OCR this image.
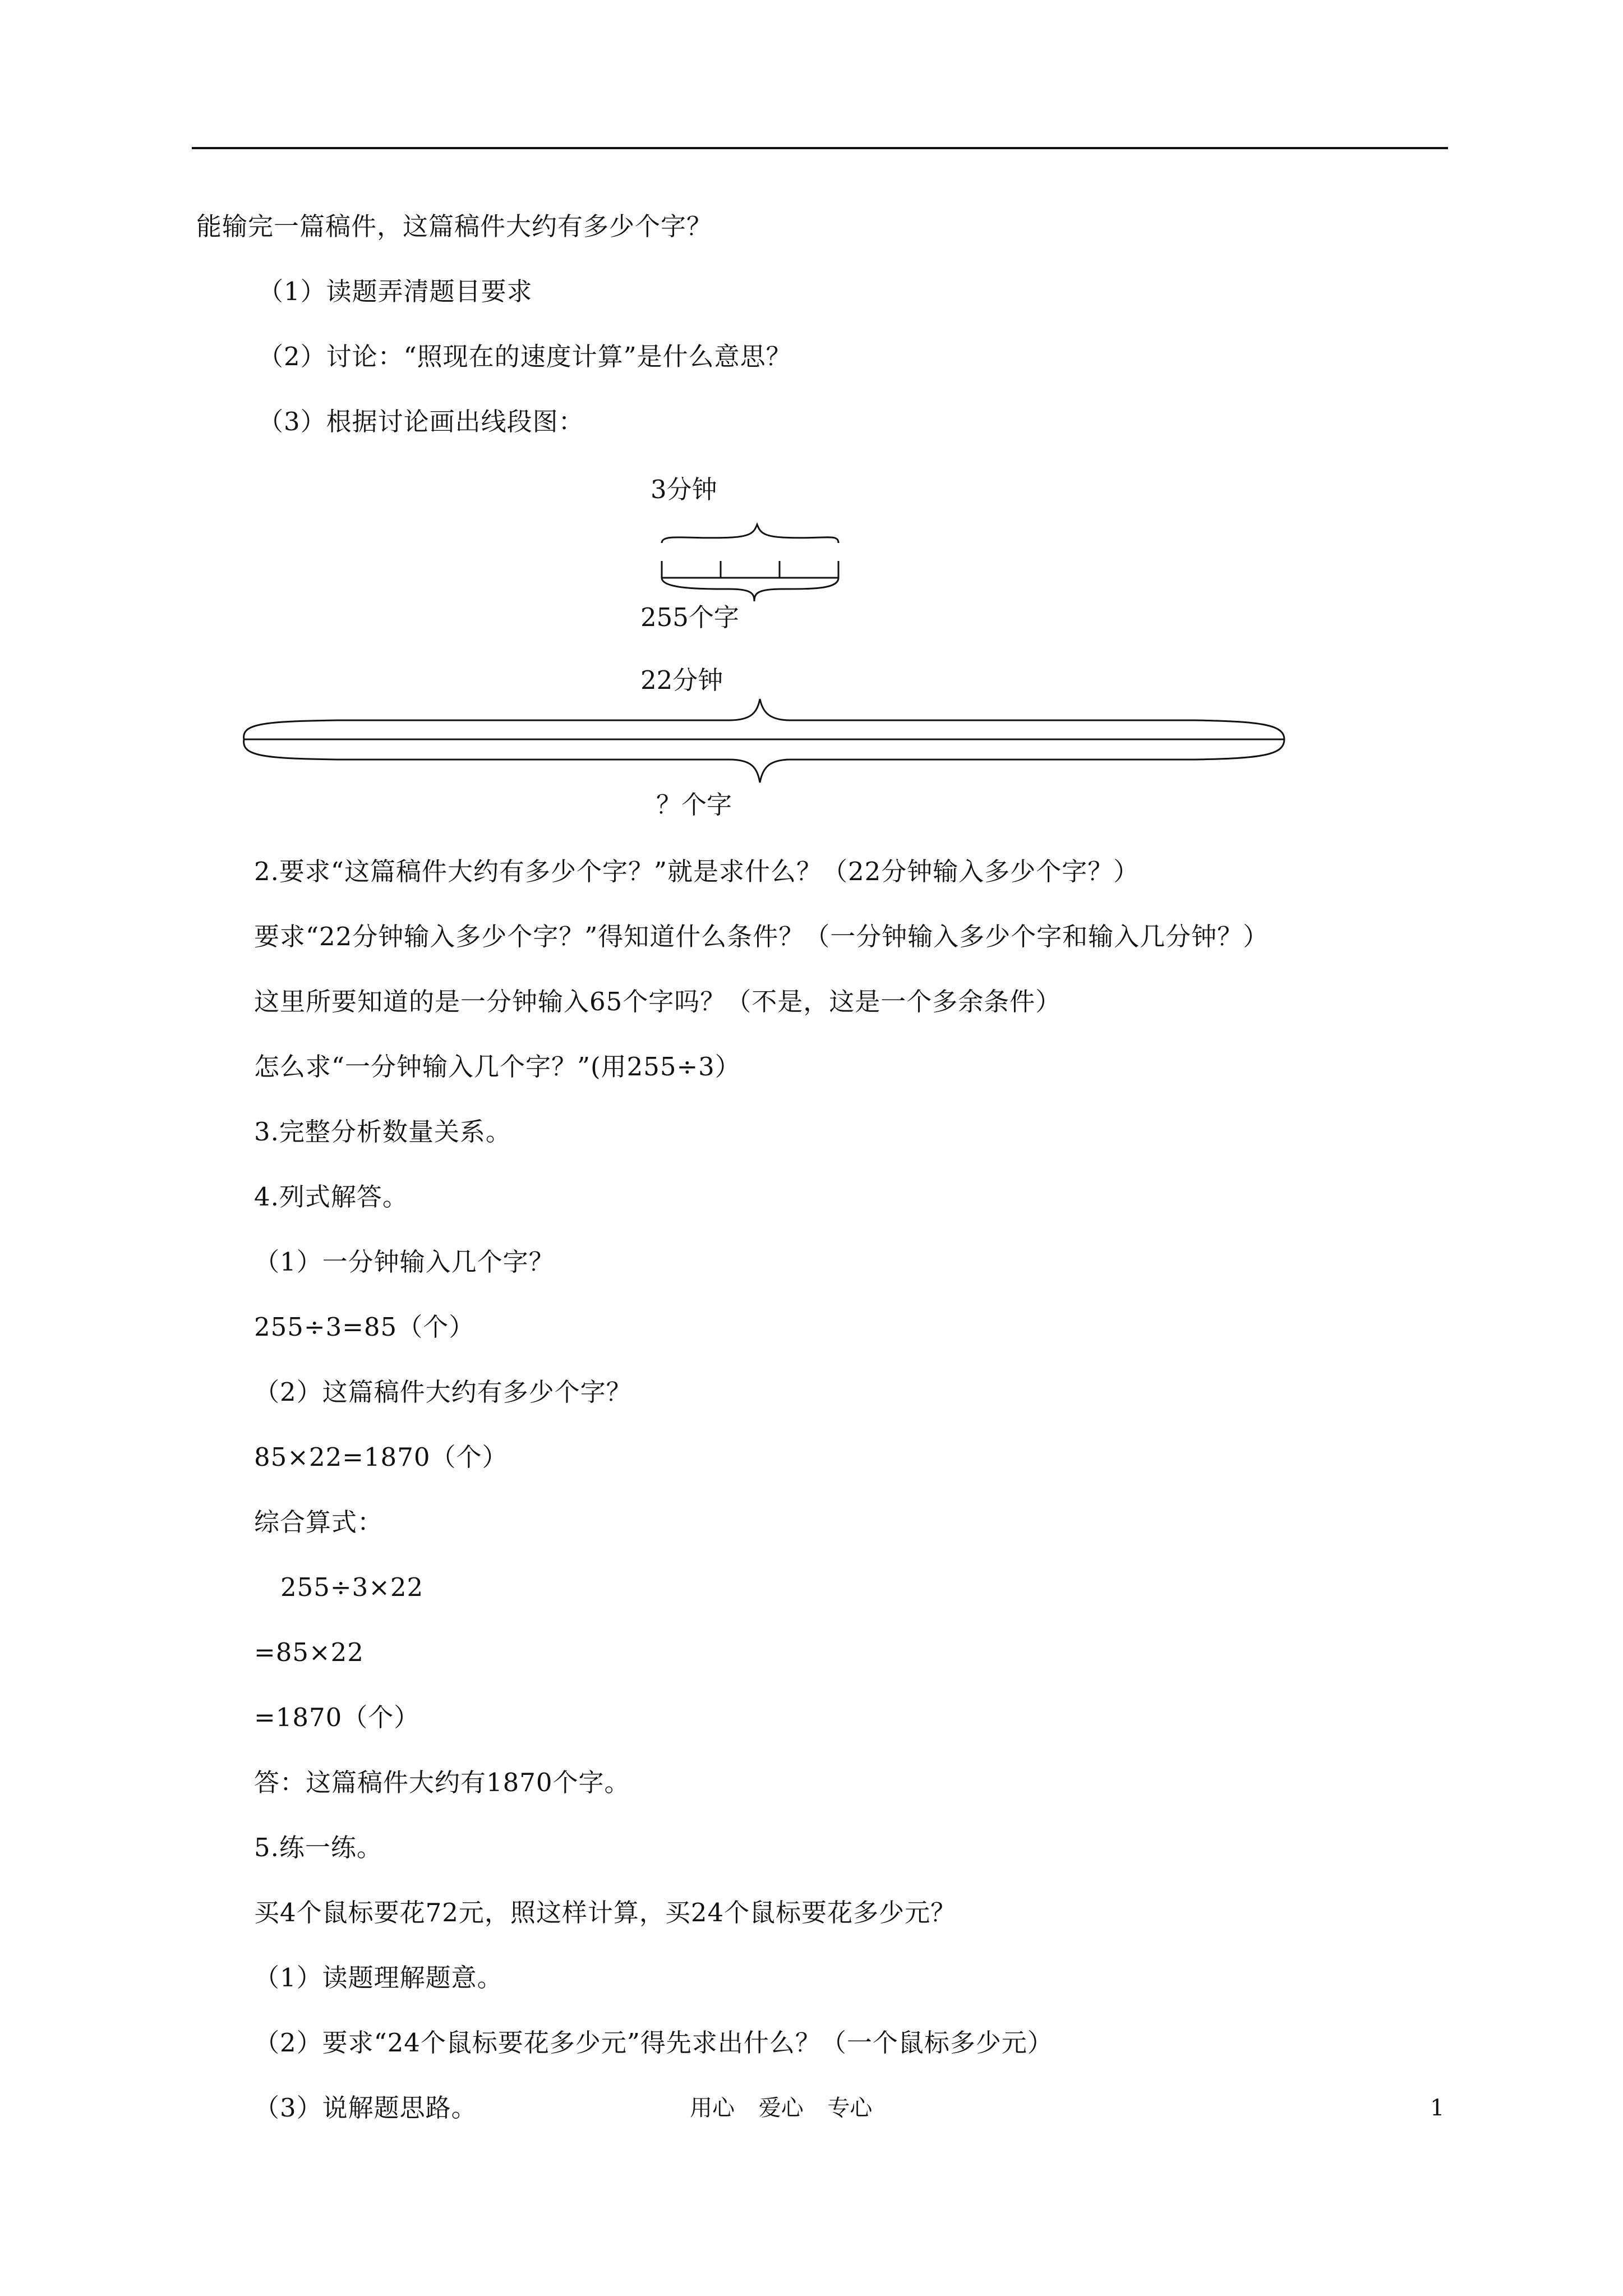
能输完一篇稿件，这篇稿件大约有多少个字？
（1）读题弄清题目要求
（2）讨论：“照现在的速度计算”是什么意思？
（3）根据讨论画出线段图：
3分钟
255个字
22分钟
？个字
2.要求“这篇稿件大约有多少个字？”就是求什么？（22分钟输入多少个字？）
要求“22分钟输入多少个字？”得知道什么条件？（一分钟输入多少个字和输入几分钟？）
这里所要知道的是一分钟输入65个字吗？（不是，这是一个多余条件）
怎么求“一分钟输入几个字？”(用255÷3）
3.完整分析数量关系。
4.列式解答。
（1）一分钟输入几个字？
255÷3=85（个）
（2）这篇稿件大约有多少个字？
85×22=1870（个）
综合算式：
255÷3×22
=85×22
=1870（个）
答：这篇稿件大约有1870个字。
5.练一练。
买4个鼠标要花72元，照这样计算，买24个鼠标要花多少元？
（1）读题理解题意。
（2）要求“24个鼠标要花多少元”得先求出什么？（一个鼠标多少元）
（3）说解题思路。	用心 爱心 专心	1
